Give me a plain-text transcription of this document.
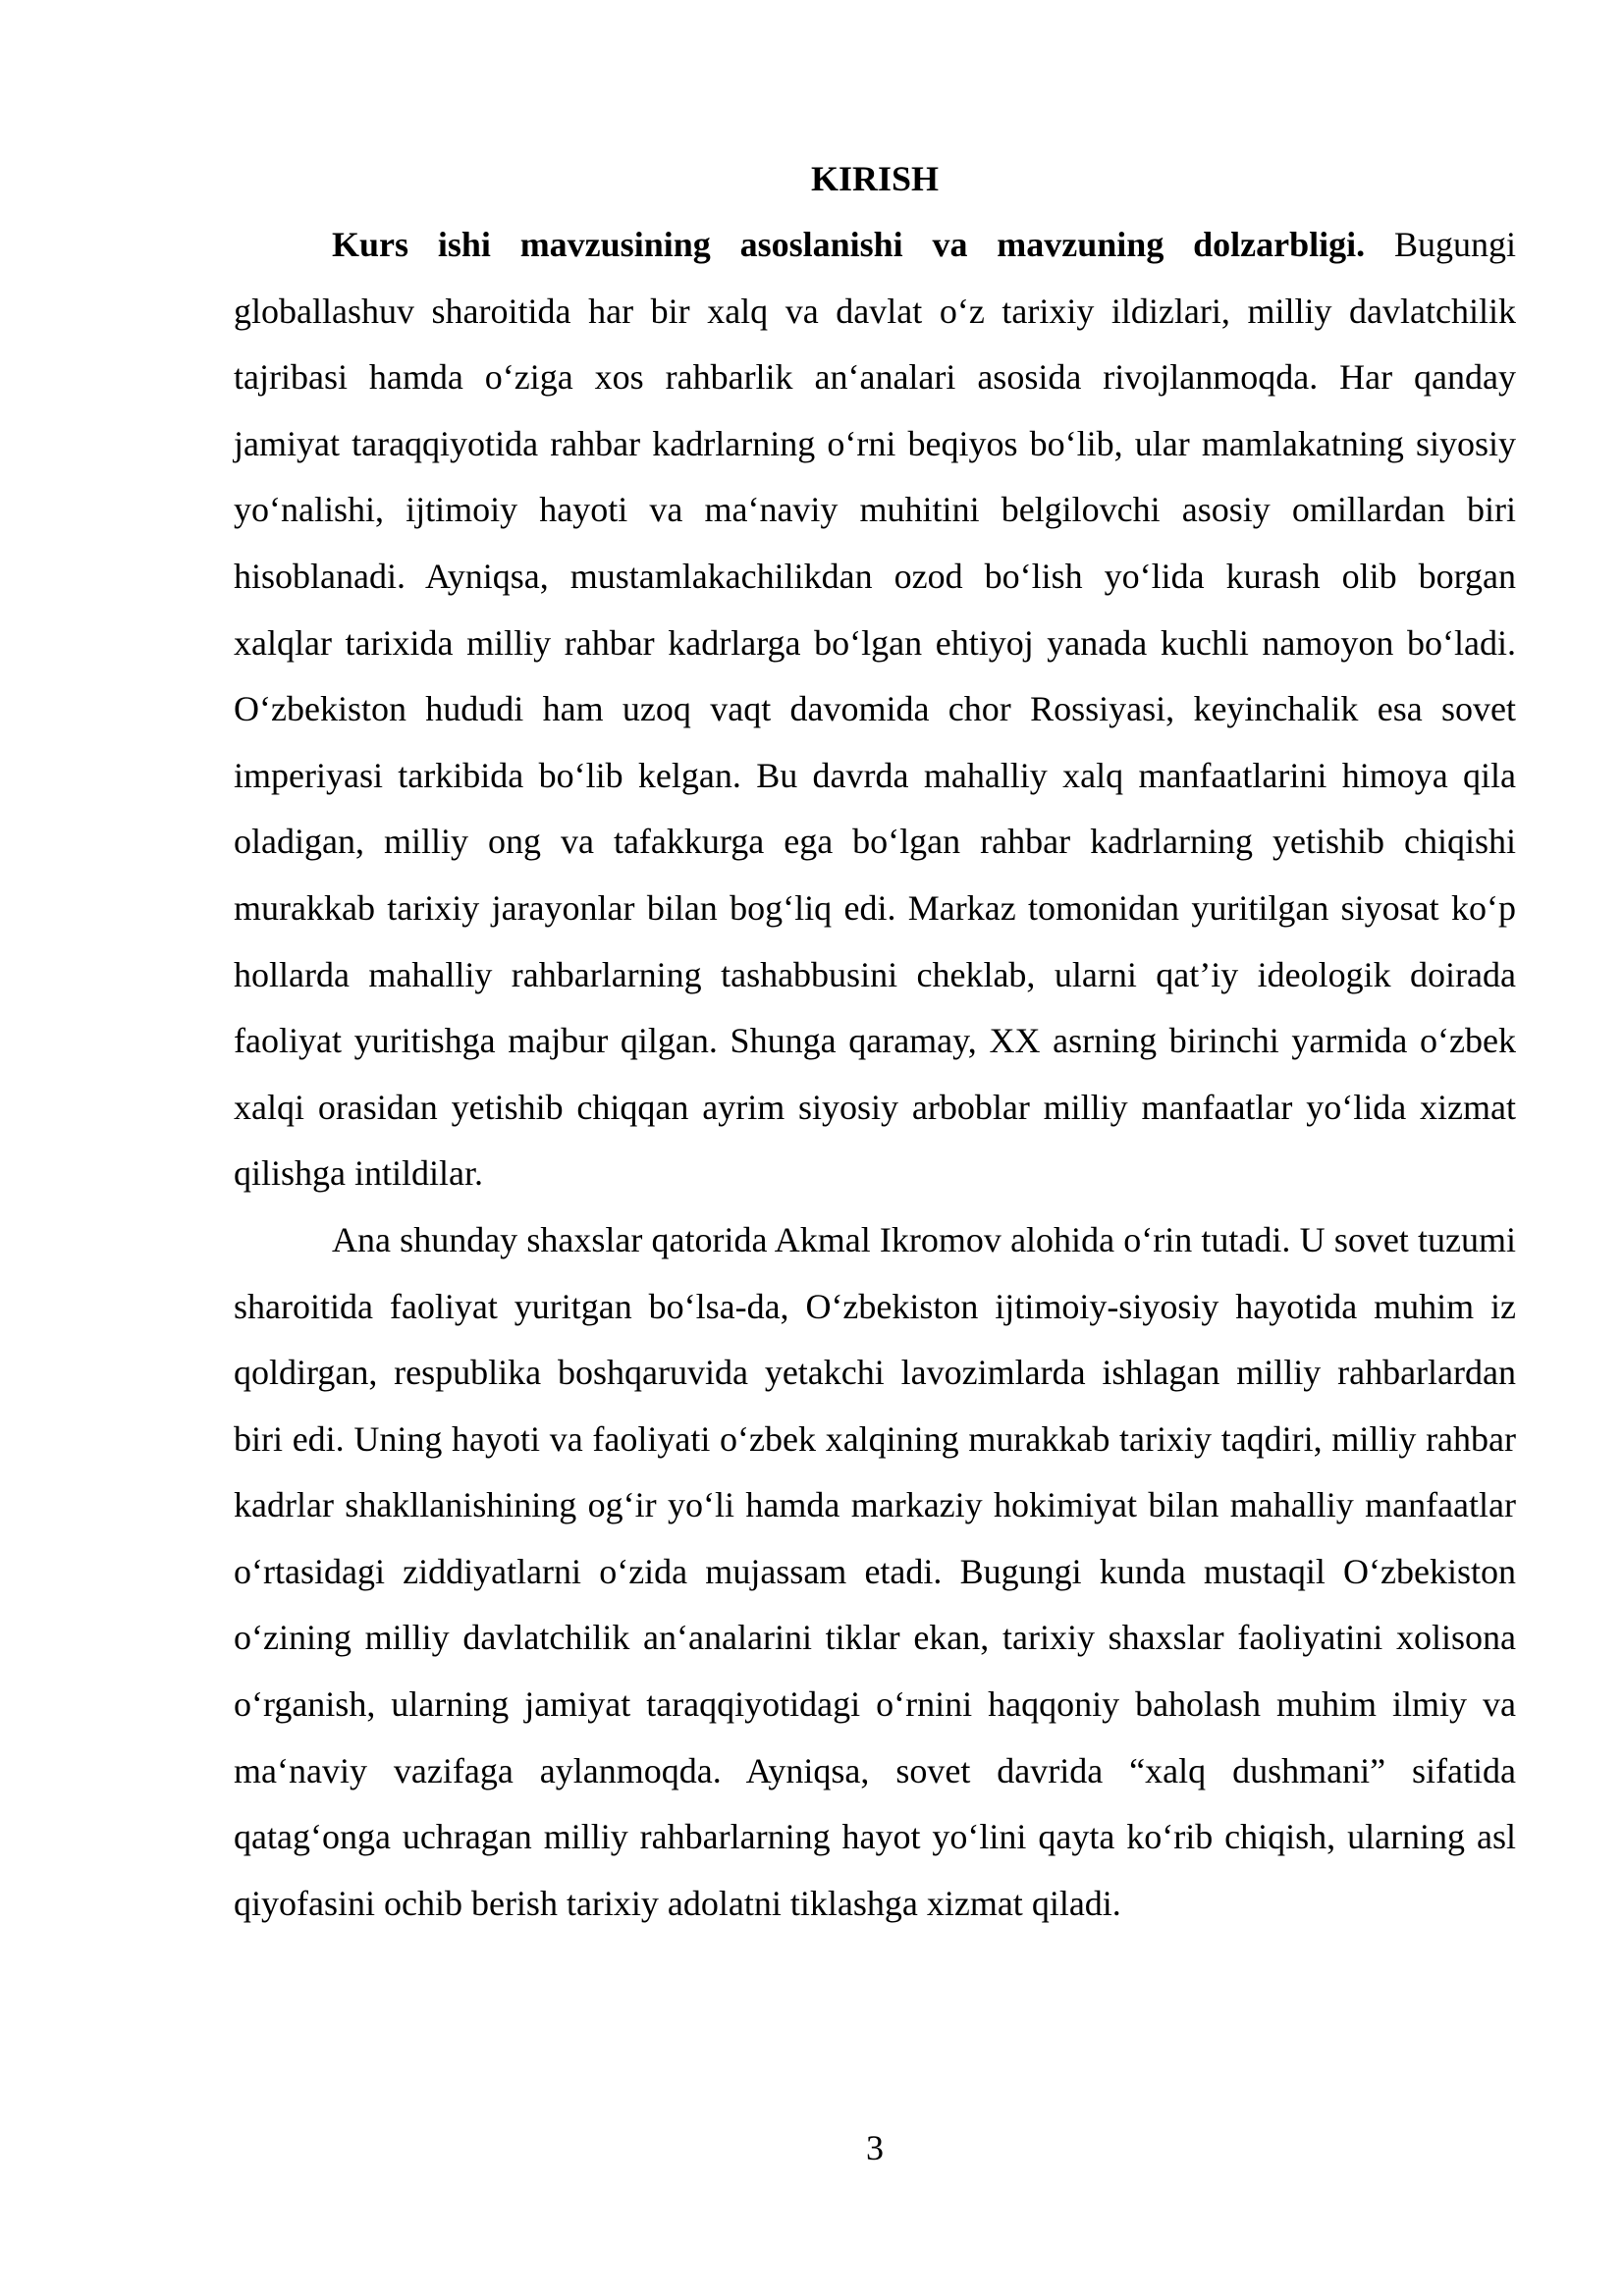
KIRISH

Kurs ishi mavzusining asoslanishi va mavzuning dolzarbligi. Bugungi globallashuv sharoitida har bir xalq va davlat o‘z tarixiy ildizlari, milliy davlatchilik tajribasi hamda o‘ziga xos rahbarlik an‘analari asosida rivojlanmoqda. Har qanday jamiyat taraqqiyotida rahbar kadrlarning o‘rni beqiyos bo‘lib, ular mamlakatning siyosiy yo‘nalishi, ijtimoiy hayoti va ma‘naviy muhitini belgilovchi asosiy omillardan biri hisoblanadi. Ayniqsa, mustamlakachilikdan ozod bo‘lish yo‘lida kurash olib borgan xalqlar tarixida milliy rahbar kadrlarga bo‘lgan ehtiyoj yanada kuchli namoyon bo‘ladi. O‘zbekiston hududi ham uzoq vaqt davomida chor Rossiyasi, keyinchalik esa sovet imperiyasi tarkibida bo‘lib kelgan. Bu davrda mahalliy xalq manfaatlarini himoya qila oladigan, milliy ong va tafakkurga ega bo‘lgan rahbar kadrlarning yetishib chiqishi murakkab tarixiy jarayonlar bilan bog‘liq edi. Markaz tomonidan yuritilgan siyosat ko‘p hollarda mahalliy rahbarlarning tashabbusini cheklab, ularni qat’iy ideologik doirada faoliyat yuritishga majbur qilgan. Shunga qaramay, XX asrning birinchi yarmida o‘zbek xalqi orasidan yetishib chiqqan ayrim siyosiy arboblar milliy manfaatlar yo‘lida xizmat qilishga intildilar.

Ana shunday shaxslar qatorida Akmal Ikromov alohida o‘rin tutadi. U sovet tuzumi sharoitida faoliyat yuritgan bo‘lsa-da, O‘zbekiston ijtimoiy-siyosiy hayotida muhim iz qoldirgan, respublika boshqaruvida yetakchi lavozimlarda ishlagan milliy rahbarlardan biri edi. Uning hayoti va faoliyati o‘zbek xalqining murakkab tarixiy taqdiri, milliy rahbar kadrlar shakllanishining og‘ir yo‘li hamda markaziy hokimiyat bilan mahalliy manfaatlar o‘rtasidagi ziddiyatlarni o‘zida mujassam etadi. Bugungi kunda mustaqil O‘zbekiston o‘zining milliy davlatchilik an‘analarini tiklar ekan, tarixiy shaxslar faoliyatini xolisona o‘rganish, ularning jamiyat taraqqiyotidagi o‘rnini haqqoniy baholash muhim ilmiy va ma‘naviy vazifaga aylanmoqda. Ayniqsa, sovet davrida “xalq dushmani” sifatida qatag‘onga uchragan milliy rahbarlarning hayot yo‘lini qayta ko‘rib chiqish, ularning asl qiyofasini ochib berish tarixiy adolatni tiklashga xizmat qiladi.

3
